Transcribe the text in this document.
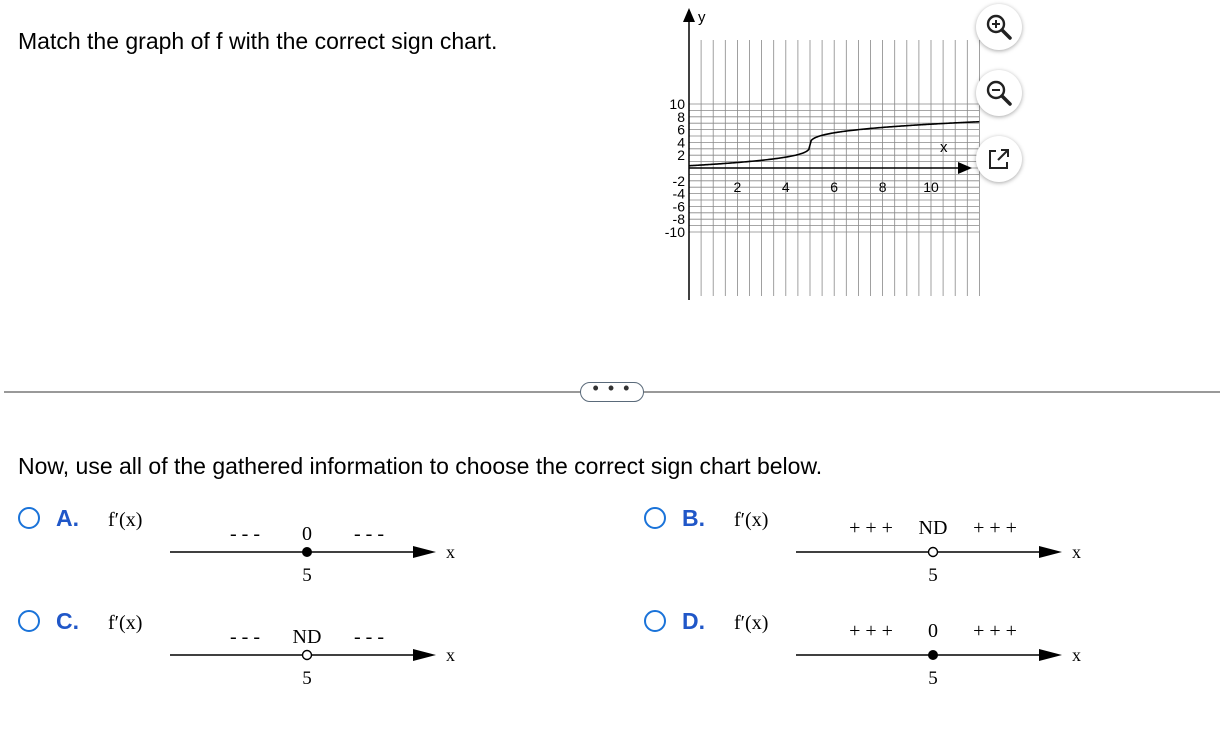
Match the graph of f with the correct sign chart.
y
x
2	4	6	8	10
10
8
6
4
2
-2
-4
-6
-8
-10
• • •

Now, use all of the gathered information to choose the correct sign chart below.

A. f′(x)
- - - 0 - - -
x
5
B. f′(x)	+ + + ND + + +
x
5
C. f′(x)
- - - ND - - -
x
5
D. f′(x)	+ + + 0 + + +
x
5
